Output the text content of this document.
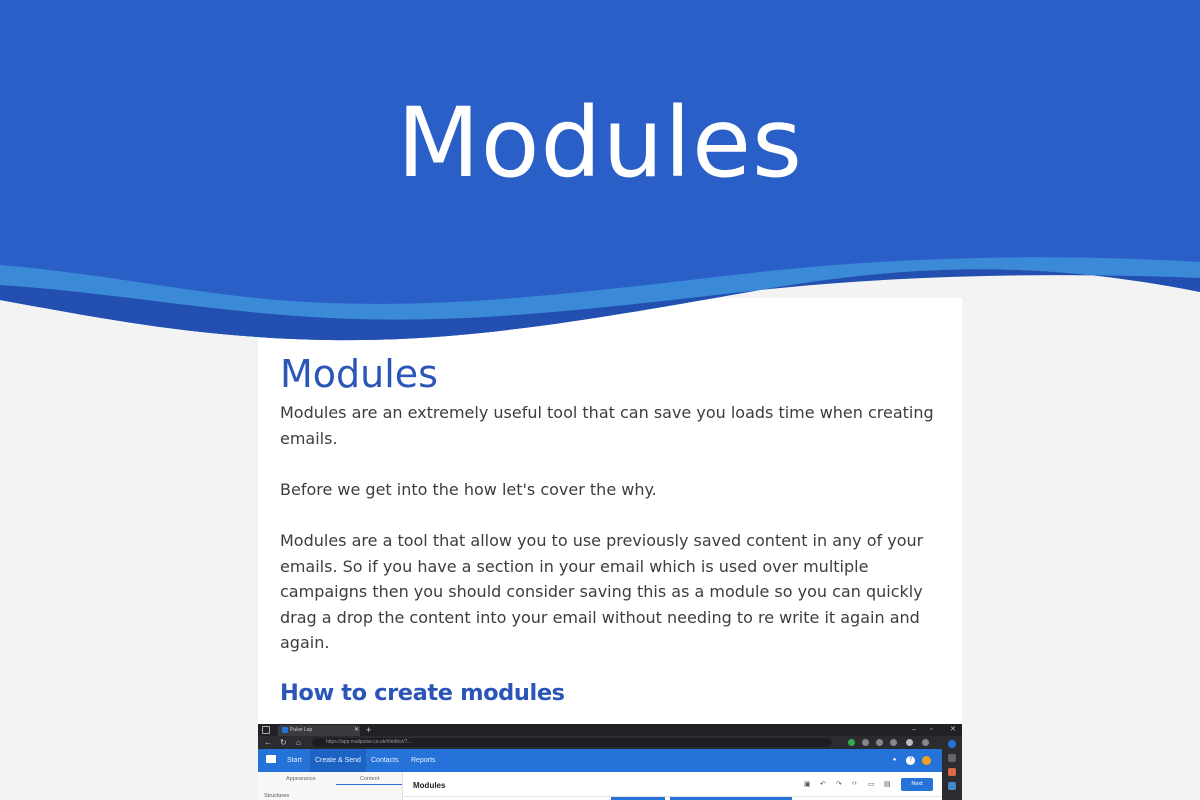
Modules
Modules

Modules are an extremely useful tool that can save you loads time when creating emails.

Before we get into the how let's cover the why.

Modules are a tool that allow you to use previously saved content in any of your emails. So if you have a section in your email which is used over multiple campaigns then you should consider saving this as a module so you can quickly drag a drop the content into your email without needing to re write it again and again.

How to create modules
Pulse Lap	✕ +	– ▫	✕
← ↻ ⌂	https://app.mailpulse.co.uk/#/editor/7...
Start	Create & Send	Contacts	Reports	●	?
Appearance	Content
Structures
Modules	▣ ↶ ↷ ‹› ▭ ▤	Next
